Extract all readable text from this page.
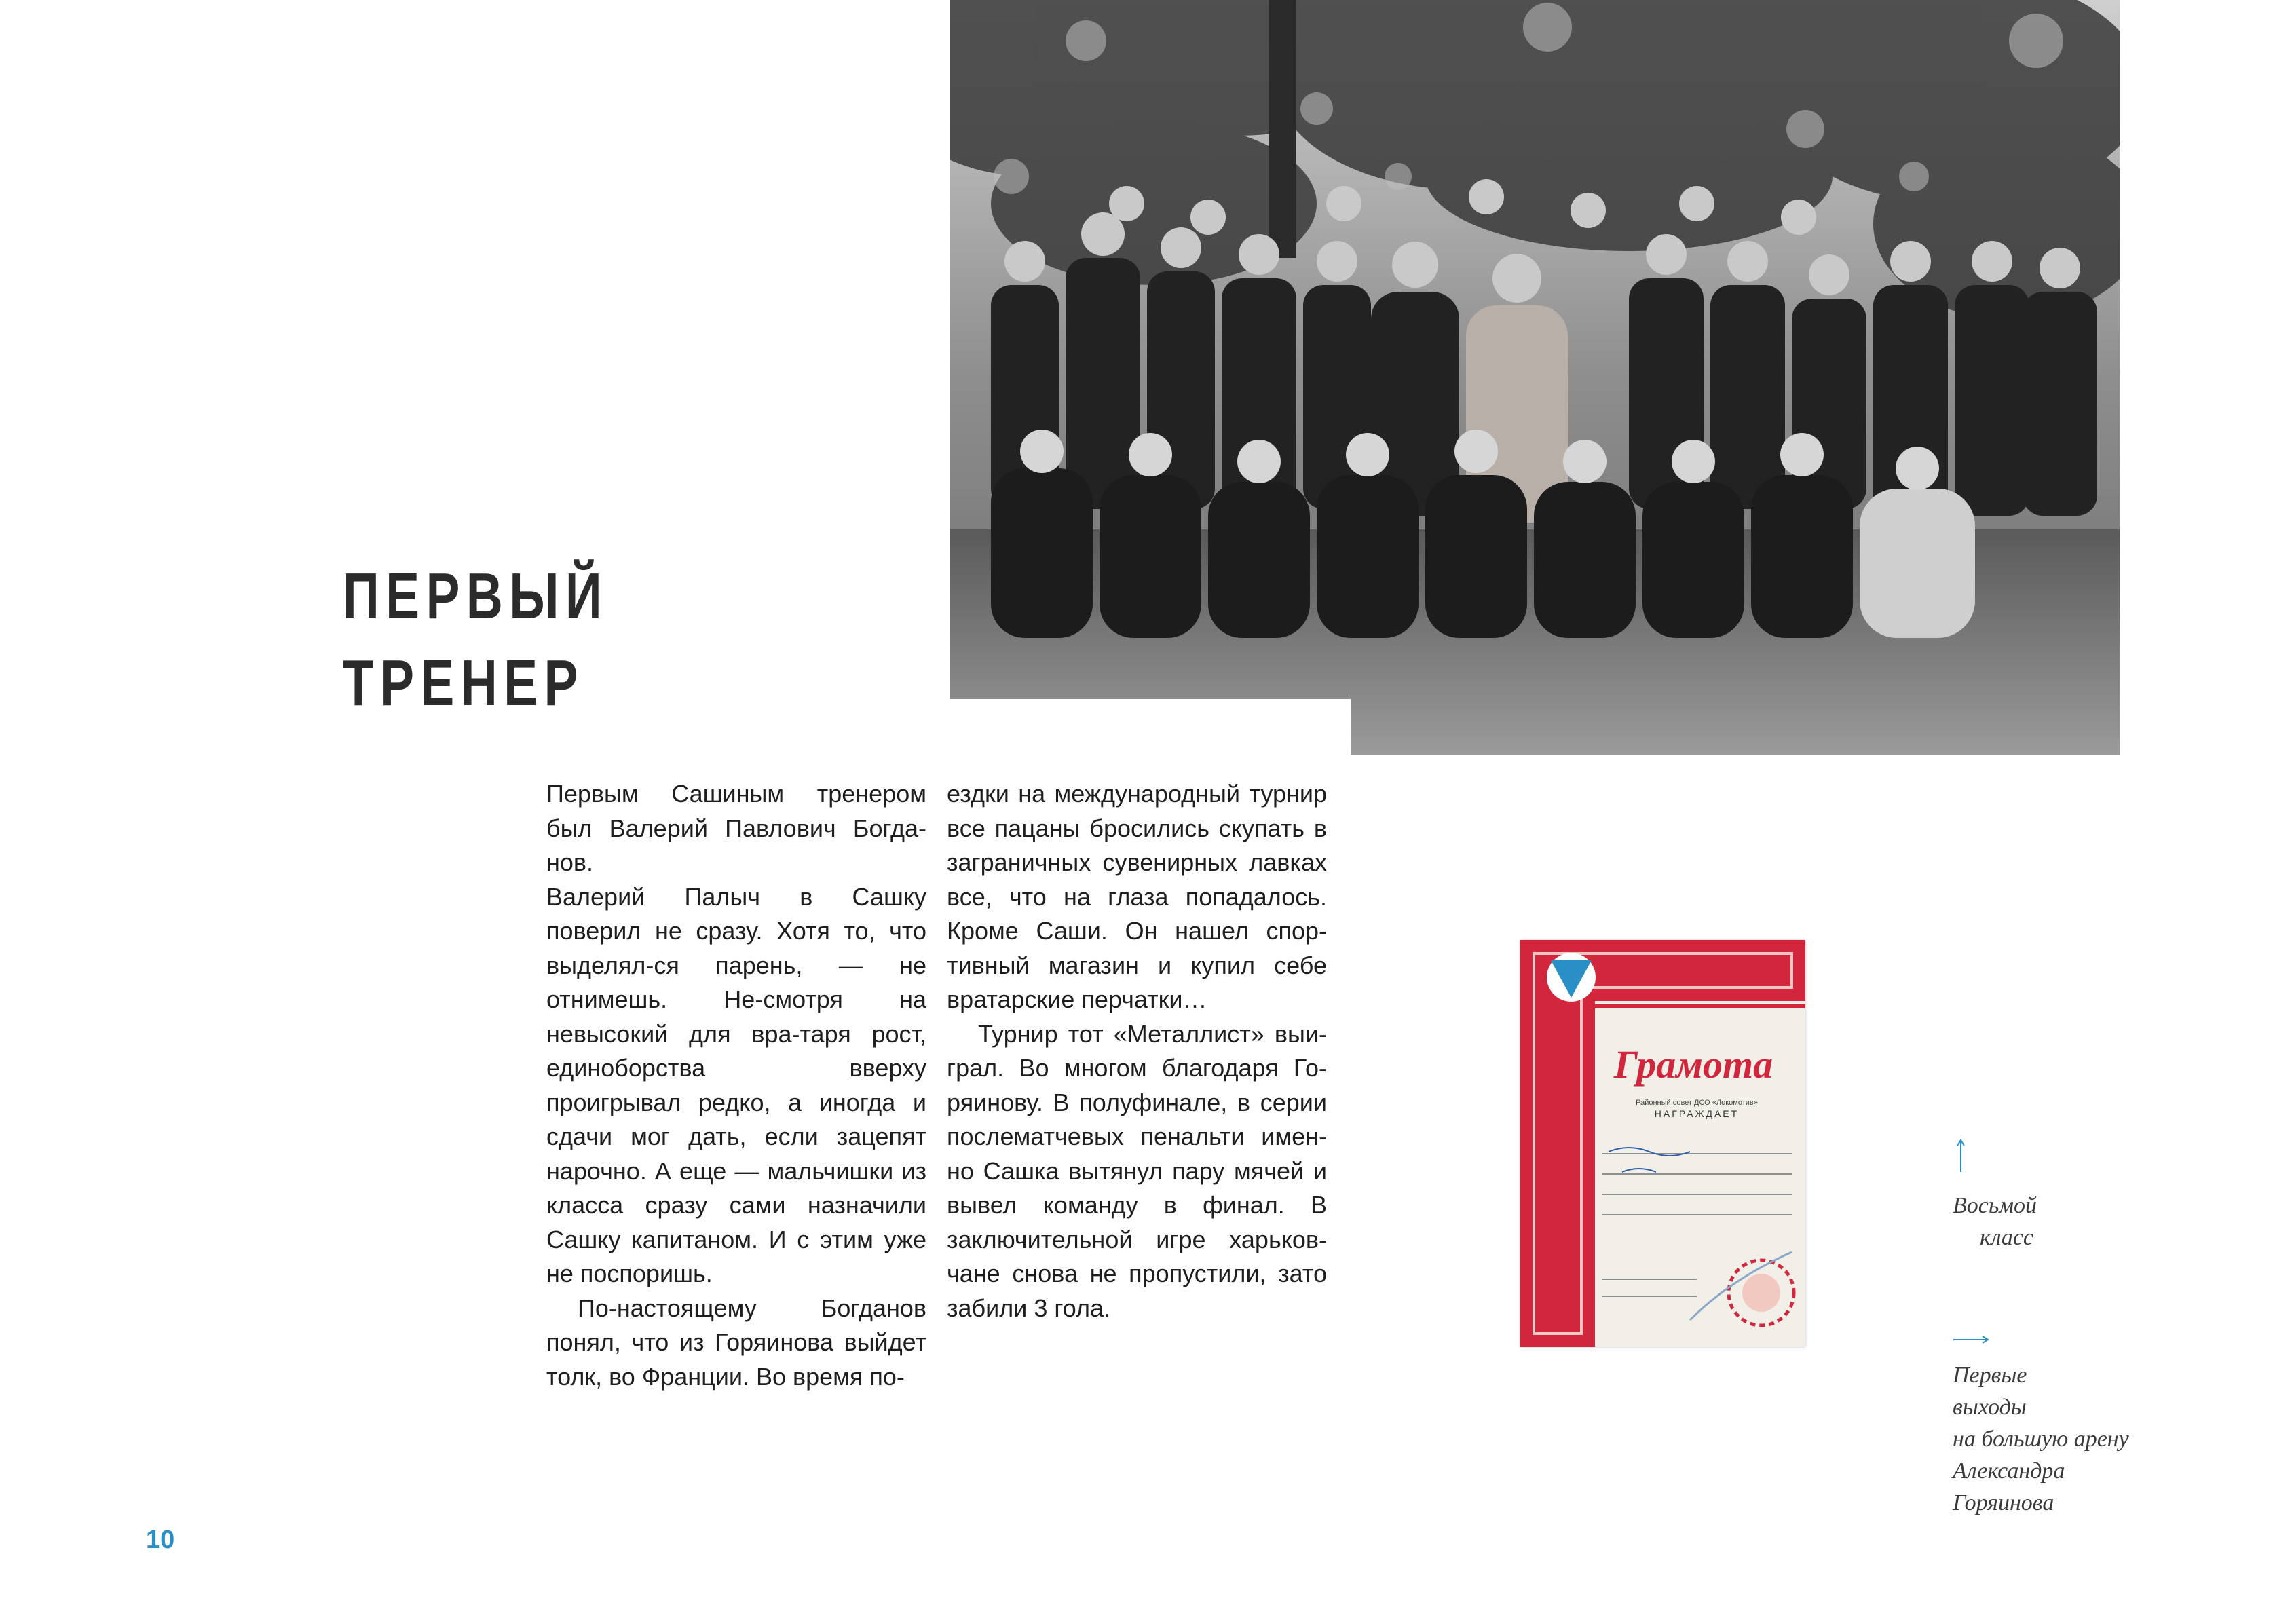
ПЕРВЫЙ
ТРЕНЕР

Первым Сашиным тренером был Валерий Павлович Богда-нов.

Валерий Палыч в Сашку поверил не сразу. Хотя то, что выделял-ся парень, — не отнимешь. Не-смотря на невысокий для вра-таря рост, единоборства вверху проигрывал редко, а иногда и сдачи мог дать, если зацепят нарочно. А еще — мальчишки из класса сразу сами назначили Сашку капитаном. И с этим уже не поспоришь.

По-настоящему Богданов понял, что из Горяинова выйдет толк, во Франции. Во время по-

ездки на международный турнир все пацаны бросились скупать в заграничных сувенирных лавках все, что на глаза попадалось. Кроме Саши. Он нашел спор-тивный магазин и купил себе вратарские перчатки…

Турнир тот «Металлист» выи-грал. Во многом благодаря Го-ряинову. В полуфинале, в серии послематчевых пенальти имен-но Сашка вытянул пару мячей и вывел команду в финал. В заключительной игре харьков-чане снова не пропустили, зато забили 3 гола.

Грамота

Районный совет ДСО «Локомотив»

НАГРАЖДАЕТ

Восьмой
класс

Первые
выходы
на большую арену
Александра
Горяинова

10
